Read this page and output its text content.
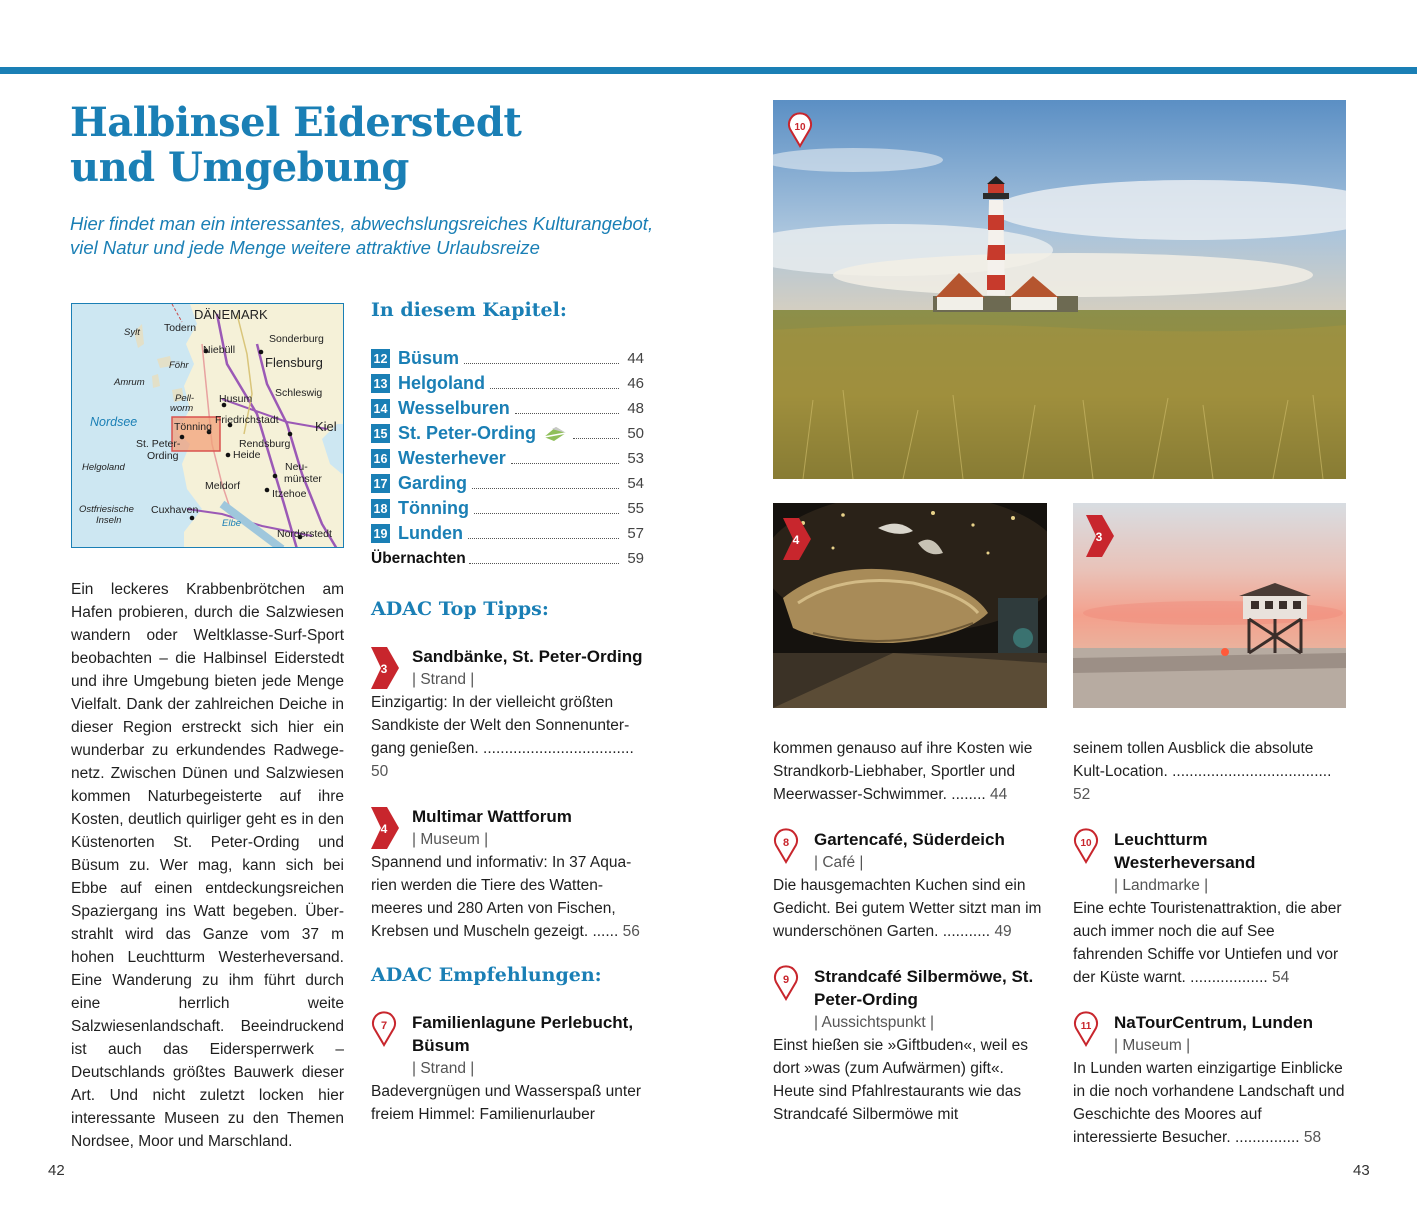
Halbinsel Eiderstedt
und Umgebung

Hier findet man ein interessantes, abwechslungsreiches Kulturangebot, viel Natur und jede Menge weitere attraktive Urlaubsreize

DÄNEMARK
Sylt Todern
Sonderburg
Niebüll
Flensburg
Föhr
Amrum
Schleswig
Husum
Pell-
worm
Friedrichstadt
Nordsee	Tönning	Kiel
St. Peter-
Ording
Rendsburg
Heide
Helgoland	Neu-
münster
Meldorf
Itzehoe
Ostfriesische
Inseln
Cuxhaven
Elbe
Norderstedt

Ein leckeres Krabbenbrötchen am Hafen probieren, durch die Salzwiesen wandern oder Weltklasse-Surf-Sport beobachten – die Halbinsel Eiderstedt und ihre Umgebung bieten jede Menge Vielfalt. Dank der zahlreichen Deiche in dieser Region erstreckt sich hier ein wunderbar zu erkundendes Radwegenetz. Zwischen Dünen und Salzwiesen kommen Naturbegeisterte auf ihre Kosten, deutlich quirliger geht es in den Küstenorten St. Peter-Ording und Büsum zu. Wer mag, kann sich bei Ebbe auf einen entdeckungsreichen Spaziergang ins Watt begeben. Überstrahlt wird das Ganze vom 37 m hohen Leuchtturm Westerheversand. Eine Wanderung zu ihm führt durch eine herrlich weite Salzwiesenlandschaft. Beeindruckend ist auch das Eidersperrwerk – Deutschlands größtes Bauwerk dieser Art. Und nicht zuletzt locken hier interessante Museen zu den Themen Nordsee, Moor und Marschland.

In diesem Kapitel:
12 Büsum	44
13 Helgoland	46
14 Wesselburen	48
15 St. Peter-Ording	50
16 Westerhever	53
17 Garding	54
18 Tönning	55
19 Lunden	57
Übernachten	59
ADAC Top Tipps:
3
Sandbänke, St. Peter-Ording
| Strand |
Einzigartig: In der vielleicht größten Sandkiste der Welt den Sonnenuntergang genießen. ................................... 50
4
Multimar Wattforum
| Museum |
Spannend und informativ: In 37 Aquarien werden die Tiere des Wattenmeeres und 280 Arten von Fischen, Krebsen und Muscheln gezeigt. ...... 56
ADAC Empfehlungen:
7 Familienlagune Perlebucht, Büsum
| Strand |
Badevergnügen und Wasserspaß unter freiem Himmel: Familienurlauber
10
4	3
kommen genauso auf ihre Kosten wie Strandkorb-Liebhaber, Sportler und Meerwasser-Schwimmer. ........ 44
8 Gartencafé, Süderdeich
| Café |
Die hausgemachten Kuchen sind ein Gedicht. Bei gutem Wetter sitzt man im wunderschönen Garten. ........... 49
9 Strandcafé Silbermöwe, St. Peter-Ording
| Aussichtspunkt |
Einst hießen sie »Giftbuden«, weil es dort »was (zum Aufwärmen) gift«. Heute sind Pfahlrestaurants wie das Strandcafé Silbermöwe mit
seinem tollen Ausblick die absolute Kult-Location. ..................................... 52
10 Leuchtturm Westerheversand
| Landmarke |
Eine echte Touristenattraktion, die aber auch immer noch die auf See fahrenden Schiffe vor Untiefen und vor der Küste warnt. .................. 54
11 NaTourCentrum, Lunden
| Museum |
In Lunden warten einzigartige Einblicke in die noch vorhandene Landschaft und Geschichte des Moores auf interessierte Besucher. ............... 58
42	43
